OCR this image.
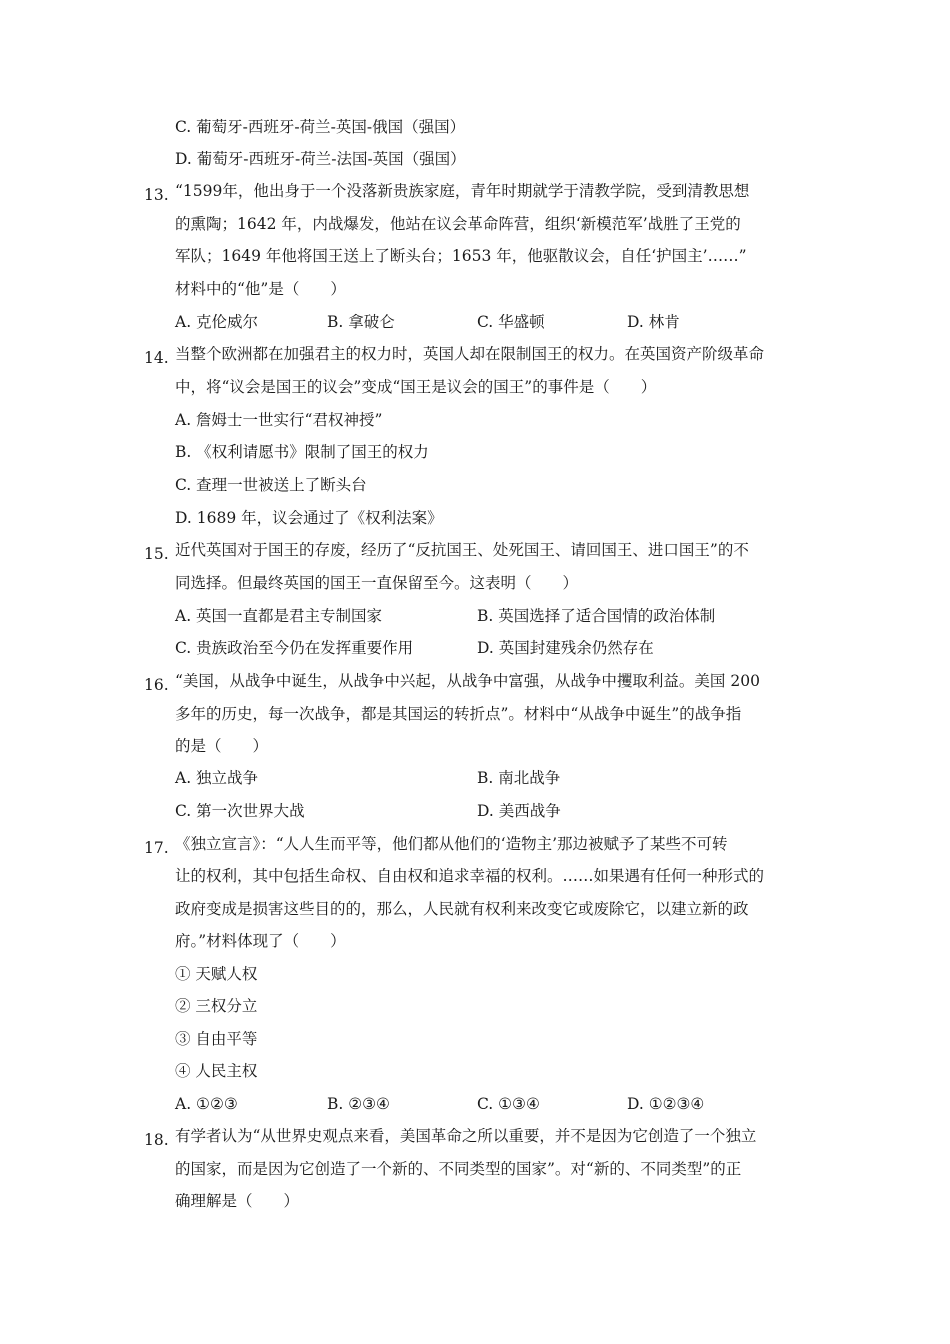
C. 葡萄牙-西班牙-荷兰-英国-俄国（强国）
D. 葡萄牙-西班牙-荷兰-法国-英国（强国）
13. “1599年，他出身于一个没落新贵族家庭，青年时期就学于清教学院，受到清教思想
的熏陶；1642 年，内战爆发，他站在议会革命阵营，组织‘新模范军’战胜了王党的
军队；1649 年他将国王送上了断头台；1653 年，他驱散议会，自任‘护国主’……”
材料中的“他”是（　　）
A. 克伦威尔	B. 拿破仑	C. 华盛顿	D. 林肯
14. 当整个欧洲都在加强君主的权力时，英国人却在限制国王的权力。在英国资产阶级革命
中，将“议会是国王的议会”变成“国王是议会的国王”的事件是（　　）
A. 詹姆士一世实行“君权神授”
B. 《权利请愿书》限制了国王的权力
C. 查理一世被送上了断头台
D. 1689 年，议会通过了《权利法案》
15. 近代英国对于国王的存废，经历了“反抗国王、处死国王、请回国王、进口国王”的不
同选择。但最终英国的国王一直保留至今。这表明（　　）
A. 英国一直都是君主专制国家	B. 英国选择了适合国情的政治体制
C. 贵族政治至今仍在发挥重要作用	D. 英国封建残余仍然存在
16. “美国，从战争中诞生，从战争中兴起，从战争中富强，从战争中攫取利益。美国 200
多年的历史，每一次战争，都是其国运的转折点”。材料中“从战争中诞生”的战争指
的是（　　）
A. 独立战争	B. 南北战争
C. 第一次世界大战	D. 美西战争
17. 《独立宣言》：“人人生而平等，他们都从他们的‘造物主’那边被赋予了某些不可转
让的权利，其中包括生命权、自由权和追求幸福的权利。……如果遇有任何一种形式的
政府变成是损害这些目的的，那么，人民就有权利来改变它或废除它，以建立新的政
府。”材料体现了（　　）
① 天赋人权
② 三权分立
③ 自由平等
④ 人民主权
A. ①②③	B. ②③④	C. ①③④	D. ①②③④
18. 有学者认为“从世界史观点来看，美国革命之所以重要，并不是因为它创造了一个独立
的国家，而是因为它创造了一个新的、不同类型的国家”。对“新的、不同类型”的正
确理解是（　　）
